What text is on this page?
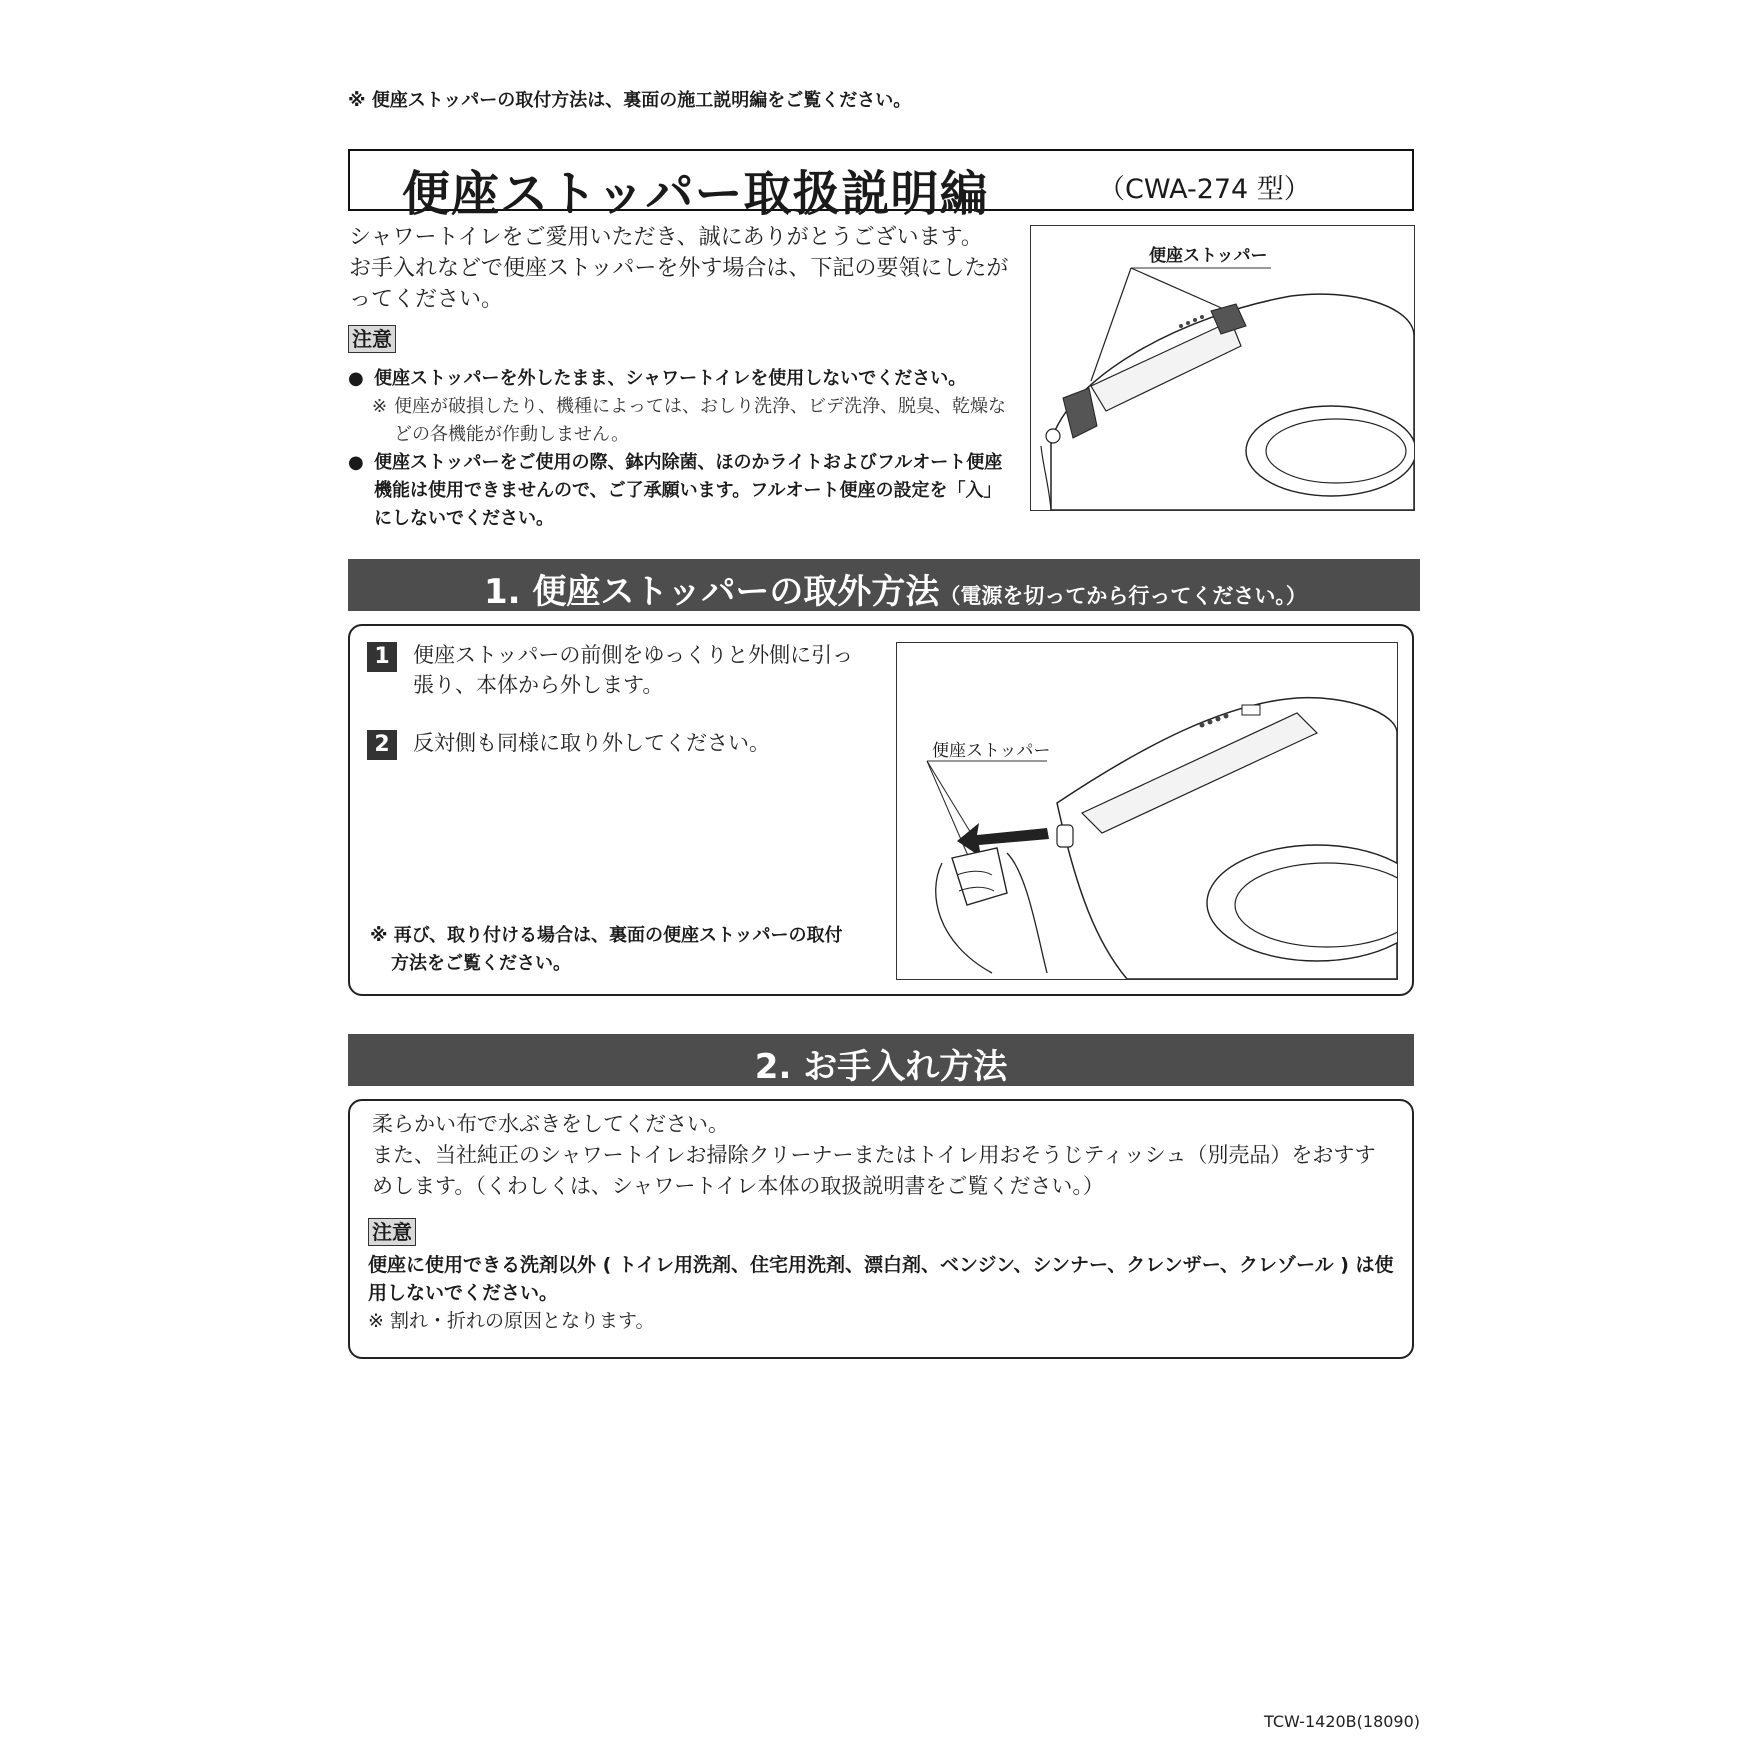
※ 便座ストッパーの取付方法は、裏面の施工説明編をご覧ください。
便座ストッパー取扱説明編	（CWA-274 型）
シャワートイレをご愛用いただき、誠にありがとうございます。
お手入れなどで便座ストッパーを外す場合は、下記の要領にしたがってください。
注意
● 便座ストッパーを外したまま、シャワートイレを使用しないでください。
※ 便座が破損したり、機種によっては、おしり洗浄、ビデ洗浄、脱臭、乾燥などの各機能が作動しません。
● 便座ストッパーをご使用の際、鉢内除菌、ほのかライトおよびフルオート便座機能は使用できませんので、ご了承願います。フルオート便座の設定を「入」にしないでください。
便座ストッパー
1. 便座ストッパーの取外方法（電源を切ってから行ってください。）
1	便座ストッパーの前側をゆっくりと外側に引っ張り、本体から外します。
2	反対側も同様に取り外してください。
※ 再び、取り付ける場合は、裏面の便座ストッパーの取付
方法をご覧ください。
便座ストッパー
2. お手入れ方法
柔らかい布で水ぶきをしてください。
また、当社純正のシャワートイレお掃除クリーナーまたはトイレ用おそうじティッシュ（別売品）をおすすめします。（くわしくは、シャワートイレ本体の取扱説明書をご覧ください。）
注意
便座に使用できる洗剤以外 ( トイレ用洗剤、住宅用洗剤、漂白剤、ベンジン、シンナー、クレンザー、クレゾール ) は使用しないでください。
※ 割れ・折れの原因となります。
TCW-1420B(18090)
